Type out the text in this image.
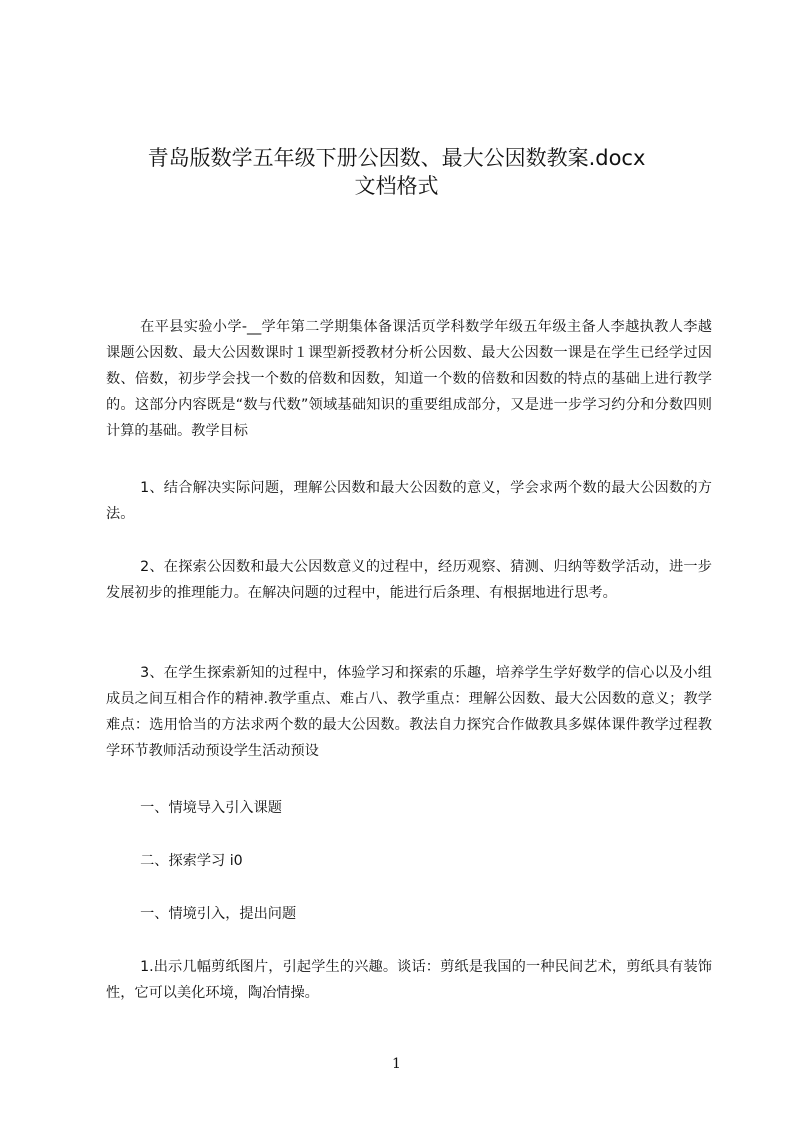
青岛版数学五年级下册公因数、最大公因数教案.docx
文档格式

在平县实验小学-__学年第二学期集体备课活页学科数学年级五年级主备人李越执教人李越课题公因数、最大公因数课时１课型新授教材分析公因数、最大公因数一课是在学生已经学过因数、倍数，初步学会找一个数的倍数和因数，知道一个数的倍数和因数的特点的基础上进行教学的。这部分内容既是“数与代数”领域基础知识的重要组成部分，又是进一步学习约分和分数四则计算的基础。教学目标

1、结合解决实际问题，理解公因数和最大公因数的意义，学会求两个数的最大公因数的方法。

2、在探索公因数和最大公因数意义的过程中，经历观察、猜测、归纳等数学活动，进一步发展初步的推理能力。在解决问题的过程中，能进行后条理、有根据地进行思考。

3、在学生探索新知的过程中，体验学习和探索的乐趣，培养学生学好数学的信心以及小组成员之间互相合作的精神.教学重点、难占八、教学重点：理解公因数、最大公因数的意义；教学难点：选用恰当的方法求两个数的最大公因数。教法自力探究合作做教具多媒体课件教学过程教学环节教师活动预设学生活动预设

一、情境导入引入课题

二、探索学习 i0

一、情境引入，提出问题

1.出示几幅剪纸图片，引起学生的兴趣。谈话：剪纸是我国的一种民间艺术，剪纸具有装饰性，它可以美化环境，陶冶情操。

1
